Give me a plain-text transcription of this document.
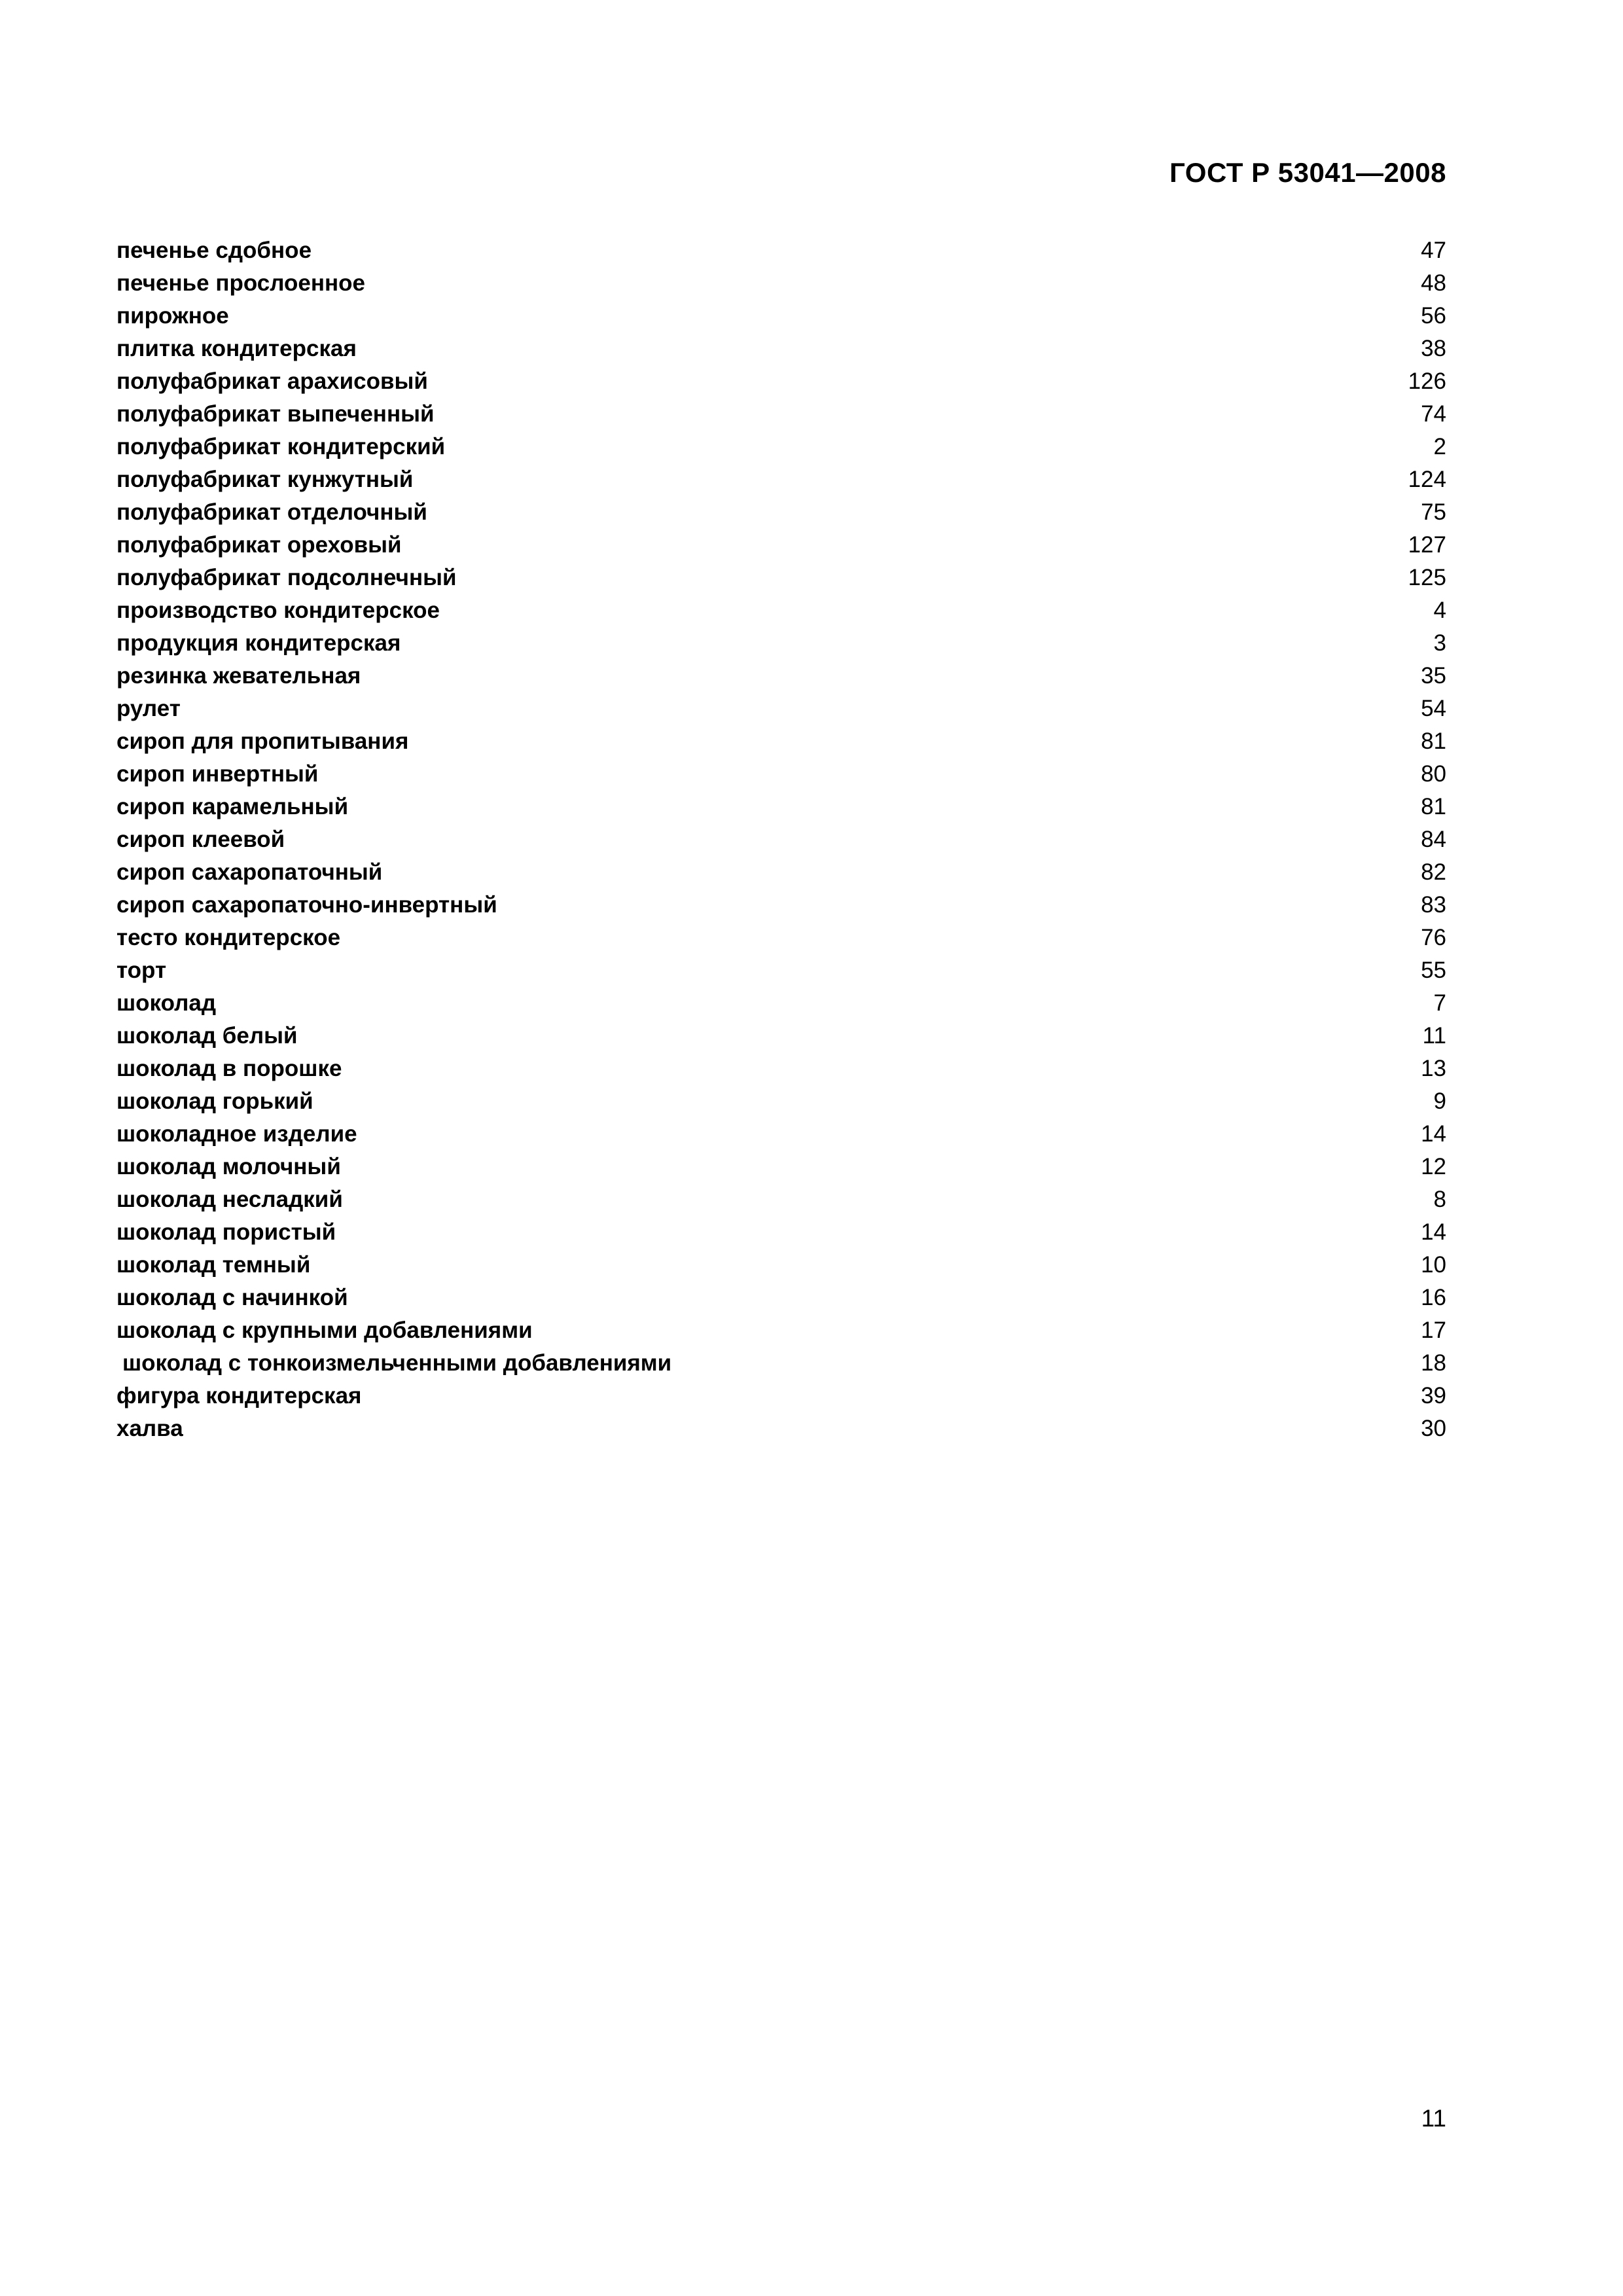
ГОСТ Р 53041—2008
печенье сдобное	47
печенье прослоенное	48
пирожное	56
плитка кондитерская	38
полуфабрикат арахисовый	126
полуфабрикат выпеченный	74
полуфабрикат кондитерский	2
полуфабрикат кунжутный	124
полуфабрикат отделочный	75
полуфабрикат ореховый	127
полуфабрикат подсолнечный	125
производство кондитерское	4
продукция кондитерская	3
резинка жевательная	35
рулет	54
сироп для пропитывания	81
сироп инвертный	80
сироп карамельный	81
сироп клеевой	84
сироп сахаропаточный	82
сироп сахаропаточно-инвертный	83
тесто кондитерское	76
торт	55
шоколад	7
шоколад белый	11
шоколад в порошке	13
шоколад горький	9
шоколадное изделие	14
шоколад молочный	12
шоколад несладкий	8
шоколад пористый	14
шоколад темный	10
шоколад с начинкой	16
шоколад с крупными добавлениями	17
шоколад с тонкоизмельченными добавлениями	18
фигура кондитерская	39
халва	30
11
